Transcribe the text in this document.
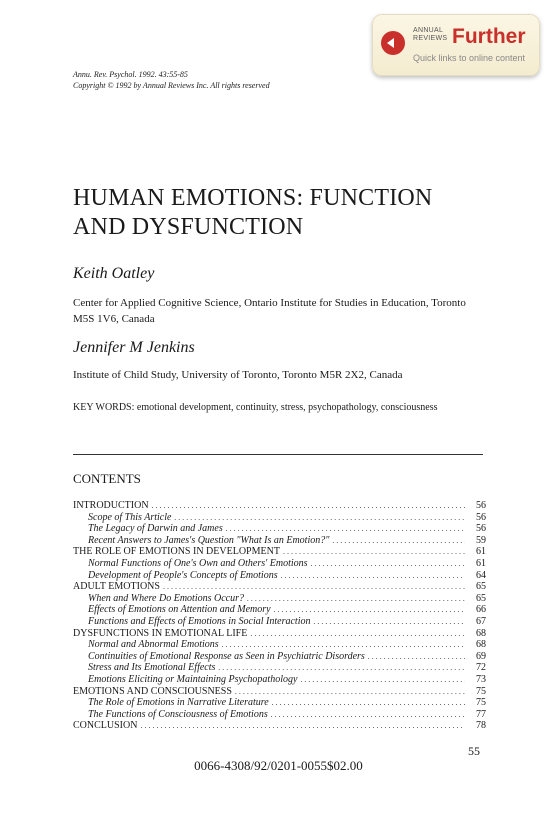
ANNUAL
REVIEWS Further
Quick links to online content
Annu. Rev. Psychol. 1992. 43:55-85
Copyright © 1992 by Annual Reviews Inc. All rights reserved
HUMAN EMOTIONS: FUNCTION
AND DYSFUNCTION
Keith Oatley
Center for Applied Cognitive Science, Ontario Institute for Studies in Education, Toronto M5S 1V6, Canada
Jennifer M Jenkins
Institute of Child Study, University of Toronto, Toronto M5R 2X2, Canada
KEY WORDS: emotional development, continuity, stress, psychopathology, consciousness
CONTENTS
INTRODUCTION . . .	56
Scope of This Article . . .	56
The Legacy of Darwin and James . . .	56
Recent Answers to James's Question "What Is an Emotion?" . . .	59
THE ROLE OF EMOTIONS IN DEVELOPMENT . . .	61
Normal Functions of One's Own and Others' Emotions . . .	61
Development of People's Concepts of Emotions . . .	64
ADULT EMOTIONS . . .	65
When and Where Do Emotions Occur? . . .	65
Effects of Emotions on Attention and Memory . . .	66
Functions and Effects of Emotions in Social Interaction . . .	67
DYSFUNCTIONS IN EMOTIONAL LIFE . . .	68
Normal and Abnormal Emotions . . .	68
Continuities of Emotional Response as Seen in Psychiatric Disorders . . .	69
Stress and Its Emotional Effects . . .	72
Emotions Eliciting or Maintaining Psychopathology . . .	73
EMOTIONS AND CONSCIOUSNESS . . .	75
The Role of Emotions in Narrative Literature . . .	75
The Functions of Consciousness of Emotions . . .	77
CONCLUSION . . .	78
55
0066-4308/92/0201-0055$02.00
